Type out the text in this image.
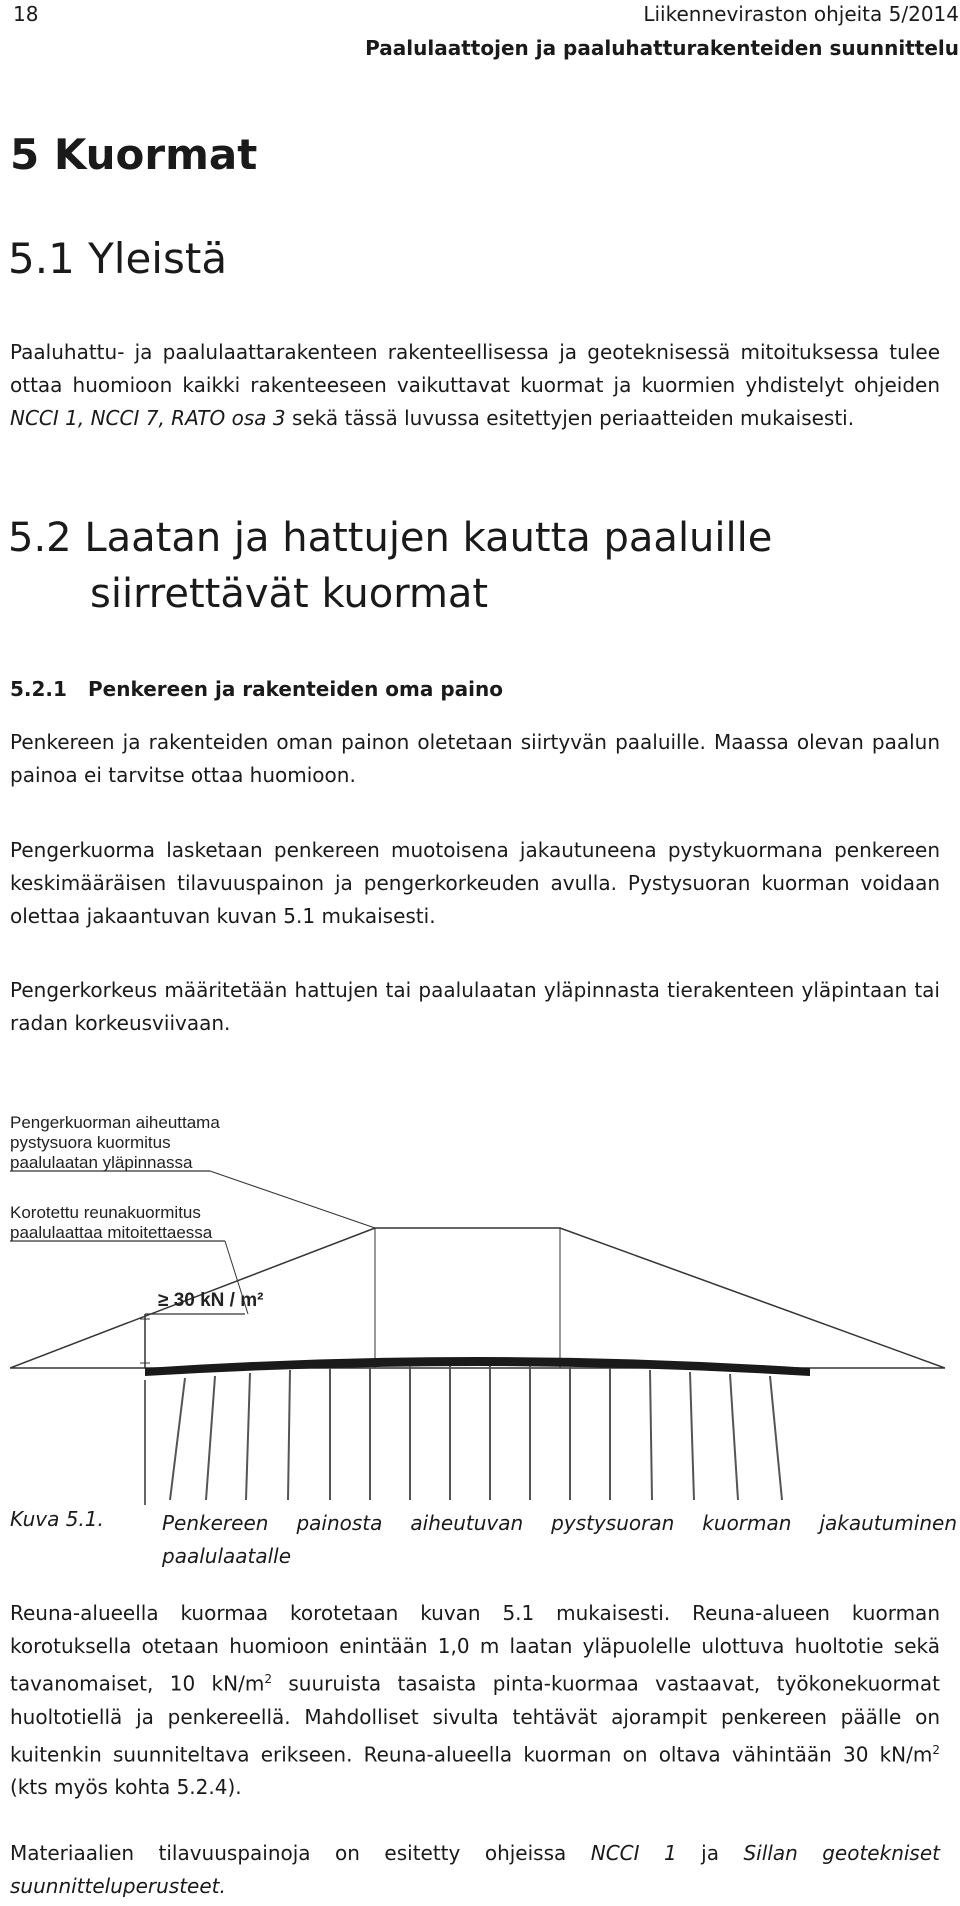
18	Liikenneviraston ohjeita 5/2014
Paalulaattojen ja paaluhatturakenteiden suunnittelu
5 Kuormat
5.1 Yleistä
Paaluhattu- ja paalulaattarakenteen rakenteellisessa ja geoteknisessä mitoituksessa tulee ottaa huomioon kaikki rakenteeseen vaikuttavat kuormat ja kuormien yhdistelyt ohjeiden NCCI 1, NCCI 7, RATO osa 3 sekä tässä luvussa esitettyjen periaatteiden mukaisesti.
5.2 Laatan ja hattujen kautta paaluille
siirrettävät kuormat
5.2.1 Penkereen ja rakenteiden oma paino
Penkereen ja rakenteiden oman painon oletetaan siirtyvän paaluille. Maassa olevan paalun painoa ei tarvitse ottaa huomioon.
Pengerkuorma lasketaan penkereen muotoisena jakautuneena pystykuormana penkereen keskimääräisen tilavuuspainon ja pengerkorkeuden avulla. Pystysuoran kuorman voidaan olettaa jakaantuvan kuvan 5.1 mukaisesti.
Pengerkorkeus määritetään hattujen tai paalulaatan yläpinnasta tierakenteen yläpintaan tai radan korkeusviivaan.
Pengerkuorman aiheuttama
pystysuora kuormitus
paalulaatan yläpinnassa
Korotettu reunakuormitus
paalulaattaa mitoitettaessa
≥ 30 kN / m²
Kuva 5.1.	Penkereen painosta aiheutuvan pystysuoran kuorman jakautuminen paalulaatalle
Reuna-alueella kuormaa korotetaan kuvan 5.1 mukaisesti. Reuna-alueen kuorman korotuksella otetaan huomioon enintään 1,0 m laatan yläpuolelle ulottuva huoltotie sekä tavanomaiset, 10 $kN/m^2$ suuruista tasaista pinta-kuormaa vastaavat, työkonekuormat huoltotiellä ja penkereellä. Mahdolliset sivulta tehtävät ajorampit penkereen päälle on kuitenkin suunniteltava erikseen. Reuna-alueella kuorman on oltava vähintään 30 $kN/m^2$ (kts myös kohta 5.2.4).
Materiaalien tilavuuspainoja on esitetty ohjeissa NCCI 1 ja Sillan geotekniset suunnitteluperusteet.
